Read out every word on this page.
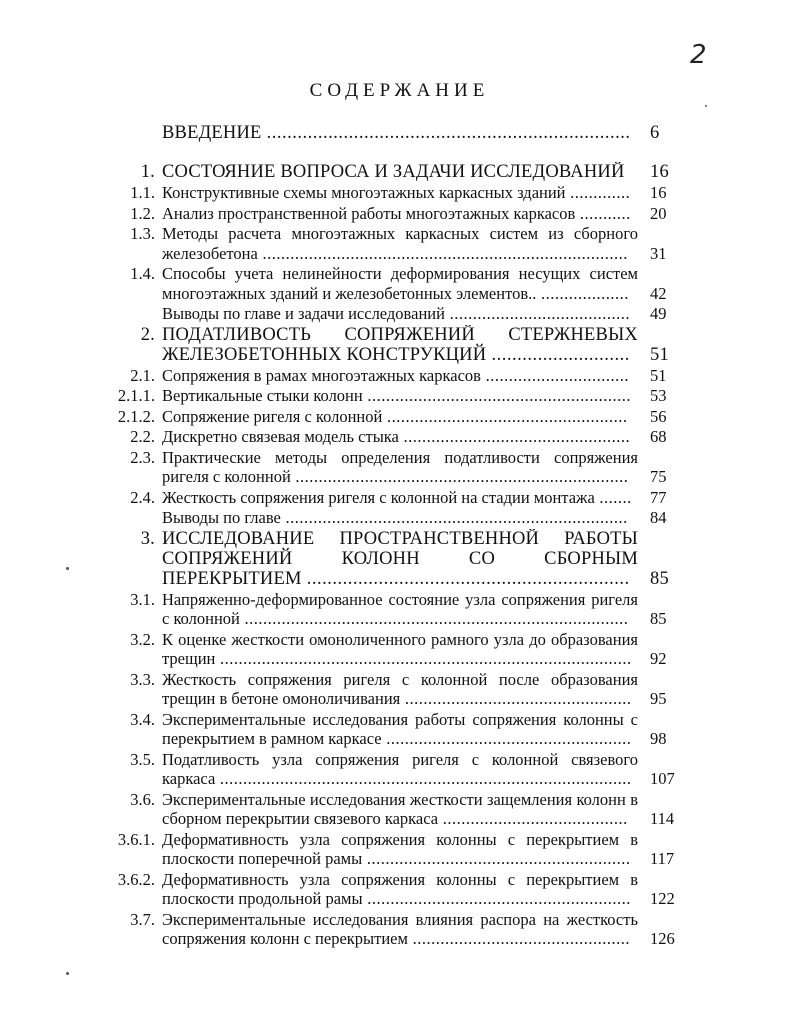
2
СОДЕРЖАНИЕ
ВВЕДЕНИЕ .......................................................................	6
1. СОСТОЯНИЕ ВОПРОСА И ЗАДАЧИ ИССЛЕДОВАНИЙ	16
1.1. Конструктивные схемы многоэтажных каркасных зданий .............	16
1.2. Анализ пространственной работы многоэтажных каркасов ...........	20
1.3. Методы расчета многоэтажных каркасных систем из сборного железобетона ...............................................................................	31
1.4. Способы учета нелинейности деформирования несущих систем многоэтажных зданий и железобетонных элементов.. ...................	42
Выводы по главе и задачи исследований .......................................	49
2. ПОДАТЛИВОСТЬ СОПРЯЖЕНИЙ СТЕРЖНЕВЫХ ЖЕЛЕЗОБЕТОННЫХ КОНСТРУКЦИЙ ...........................	51
2.1. Сопряжения в рамах многоэтажных каркасов ...............................	51
2.1.1. Вертикальные стыки колонн .........................................................	53
2.1.2. Сопряжение ригеля с колонной ....................................................	56
2.2. Дискретно связевая модель стыка .................................................	68
2.3. Практические методы определения податливости сопряжения ригеля с колонной ........................................................................	75
2.4. Жесткость сопряжения ригеля с колонной на стадии монтажа .......	77
Выводы по главе ..........................................................................	84
3. ИССЛЕДОВАНИЕ ПРОСТРАНСТВЕННОЙ РАБОТЫ СОПРЯЖЕНИЙ КОЛОНН СО СБОРНЫМ ПЕРЕКРЫТИЕМ ...............................................................	85
3.1. Напряженно-деформированное состояние узла сопряжения ригеля с колонной ...................................................................................	85
3.2. К оценке жесткости омоноличенного рамного узла до образования трещин .........................................................................................	92
3.3. Жесткость сопряжения ригеля с колонной после образования трещин в бетоне омоноличивания .................................................	95
3.4. Экспериментальные исследования работы сопряжения колонны с перекрытием в рамном каркасе .....................................................	98
3.5. Податливость узла сопряжения ригеля с колонной связевого каркаса .........................................................................................	107
3.6. Экспериментальные исследования жесткости защемления колонн в сборном перекрытии связевого каркаса ........................................	114
3.6.1. Деформативность узла сопряжения колонны с перекрытием в плоскости поперечной рамы .........................................................	117
3.6.2. Деформативность узла сопряжения колонны с перекрытием в плоскости продольной рамы .........................................................	122
3.7. Экспериментальные исследования влияния распора на жесткость сопряжения колонн с перекрытием ...............................................	126
